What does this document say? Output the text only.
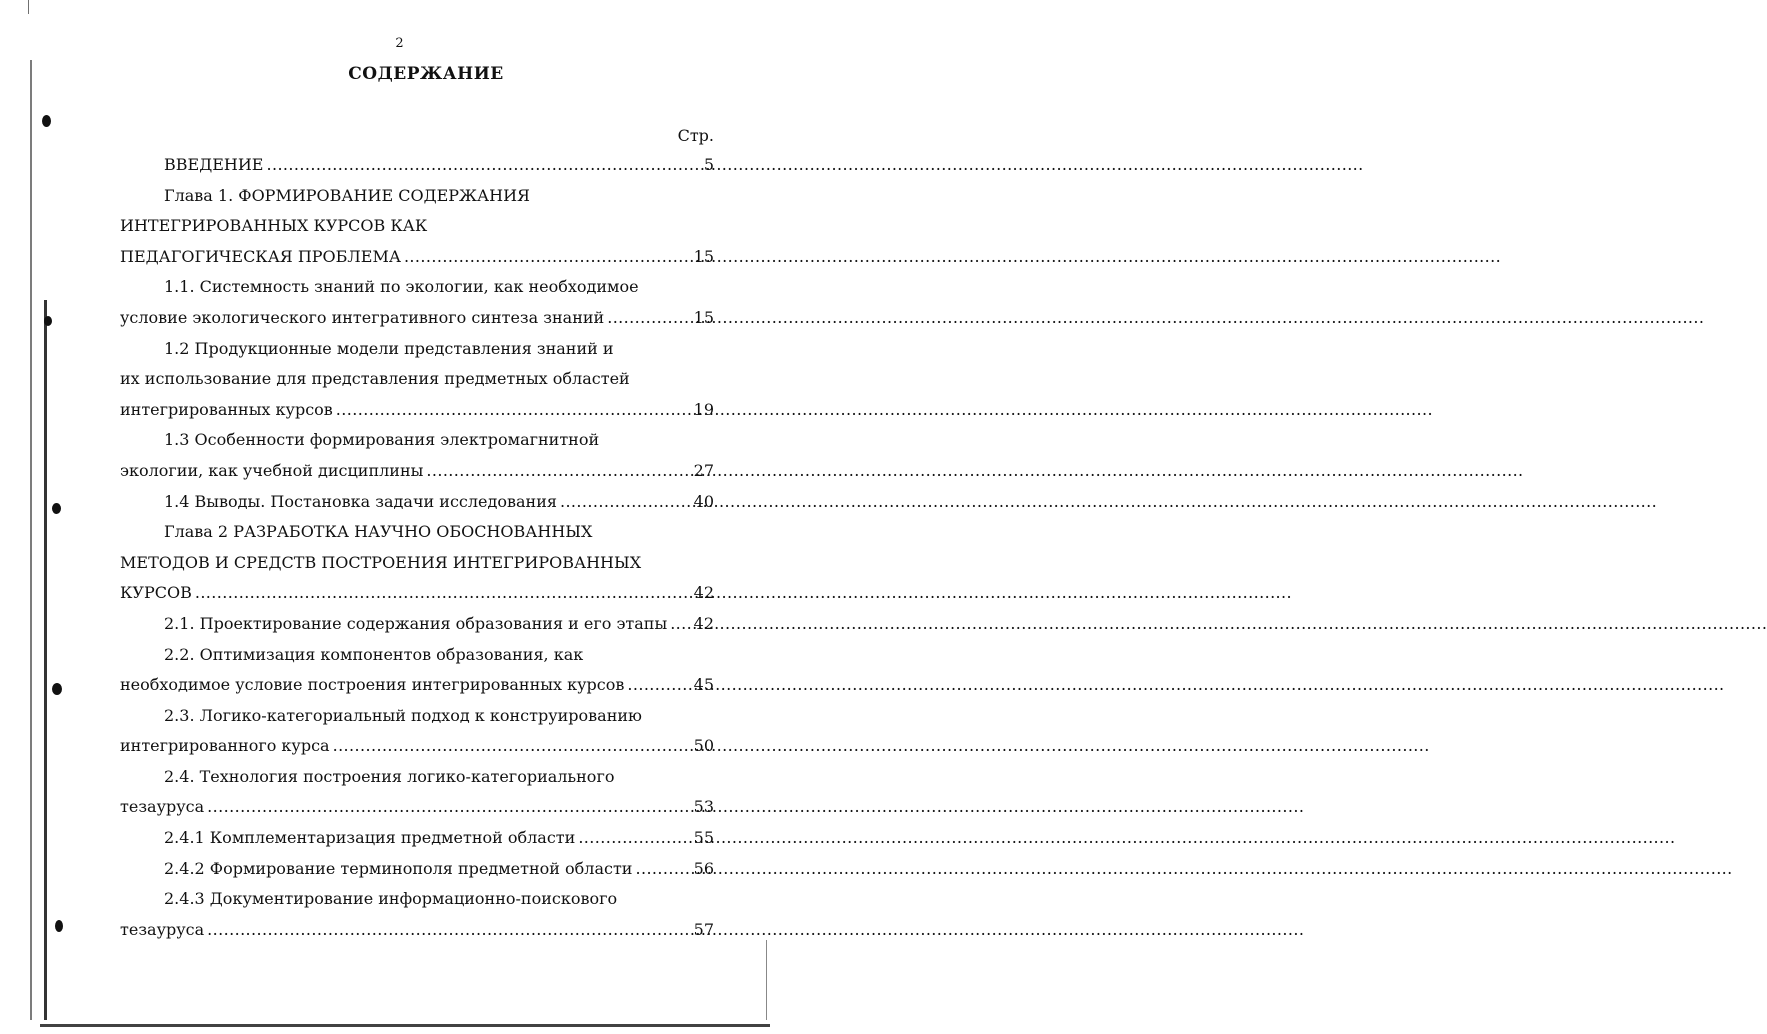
2
СОДЕРЖАНИЕ
Стр.
ВВЕДЕНИЕ .....	5
Глава 1. ФОРМИРОВАНИЕ СОДЕРЖАНИЯ
ИНТЕГРИРОВАННЫХ КУРСОВ КАК
ПЕДАГОГИЧЕСКАЯ ПРОБЛЕМА .....	15
1.1. Системность знаний по экологии, как необходимое
условие экологического интегративного синтеза знаний .....	15
1.2 Продукционные модели представления знаний и
их использование для представления предметных областей
интегрированных курсов .....	19
1.3 Особенности формирования электромагнитной
экологии, как учебной дисциплины .....	27
1.4 Выводы. Постановка задачи исследования .....	40
Глава 2 РАЗРАБОТКА НАУЧНО ОБОСНОВАННЫХ
МЕТОДОВ И СРЕДСТВ ПОСТРОЕНИЯ ИНТЕГРИРОВАННЫХ
КУРСОВ .....	42
2.1. Проектирование содержания образования и его этапы ..... 42
2.2. Оптимизация компонентов образования, как
необходимое условие построения интегрированных курсов .....	45
2.3. Логико-категориальный подход к конструированию
интегрированного курса .....	50
2.4. Технология построения логико-категориального
тезауруса .....	53
2.4.1 Комплементаризация предметной области .....	55
2.4.2 Формирование терминополя предметной области .....	56
2.4.3 Документирование информационно-поискового
тезауруса .....	57
